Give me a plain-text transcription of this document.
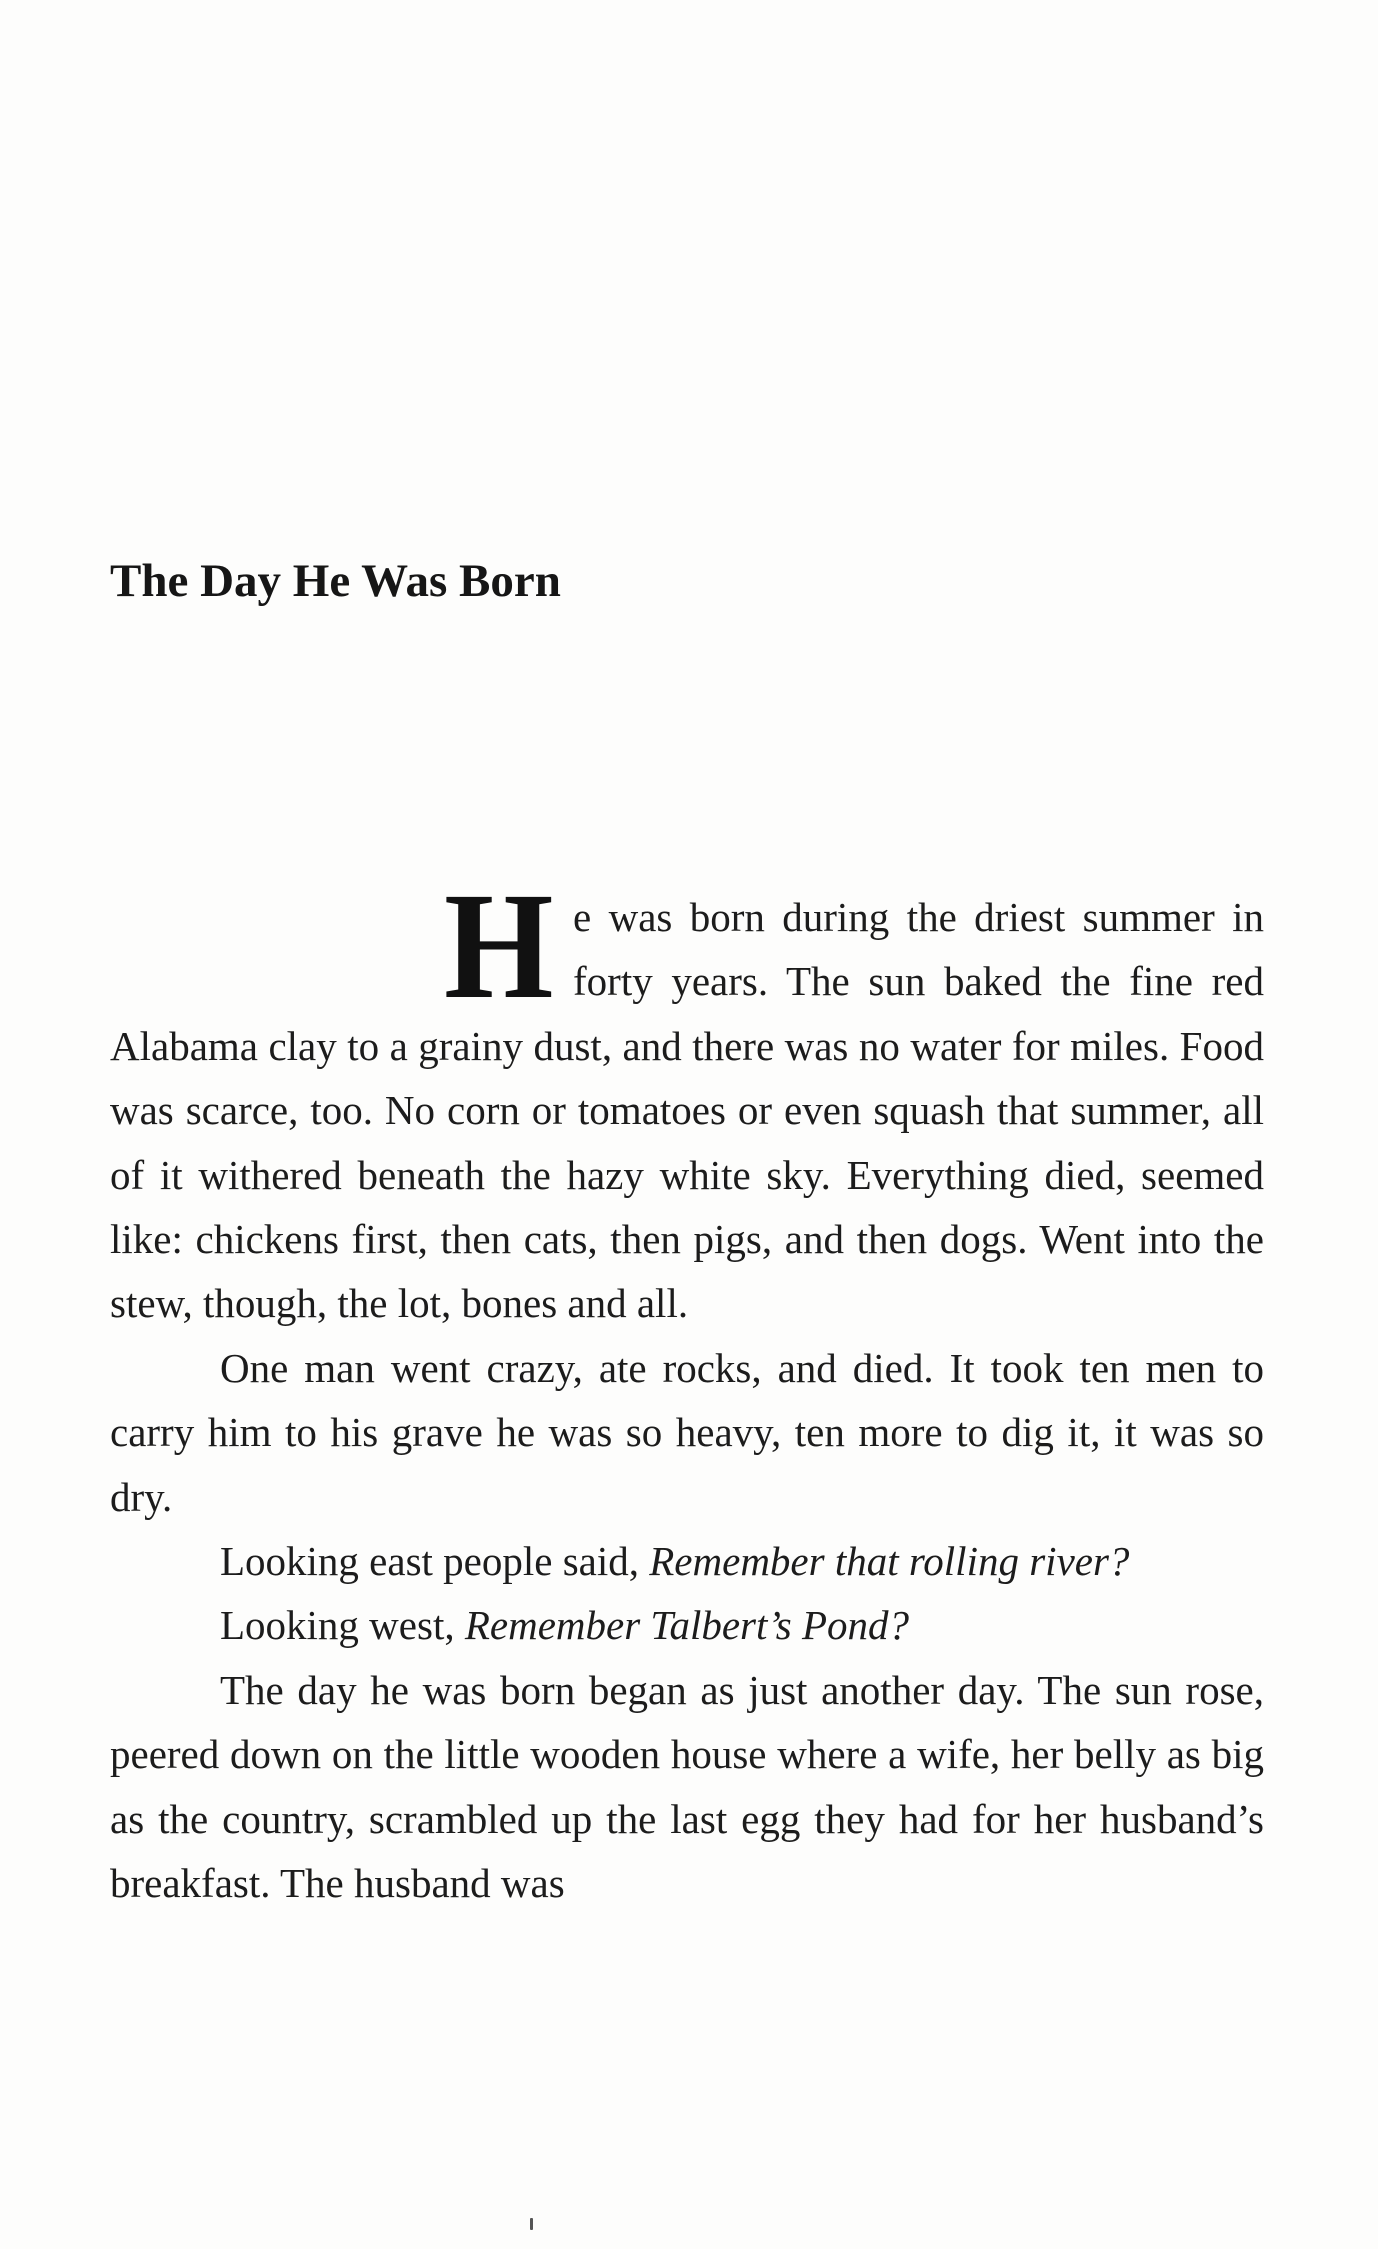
The Day He Was Born

He was born during the driest summer in forty years. The sun baked the fine red Alabama clay to a grainy dust, and there was no water for miles. Food was scarce, too. No corn or tomatoes or even squash that summer, all of it withered beneath the hazy white sky. Everything died, seemed like: chickens first, then cats, then pigs, and then dogs. Went into the stew, though, the lot, bones and all.

One man went crazy, ate rocks, and died. It took ten men to carry him to his grave he was so heavy, ten more to dig it, it was so dry.

Looking east people said, Remember that rolling river?

Looking west, Remember Talbert’s Pond?

The day he was born began as just another day. The sun rose, peered down on the little wooden house where a wife, her belly as big as the country, scrambled up the last egg they had for her husband’s breakfast. The husband was
